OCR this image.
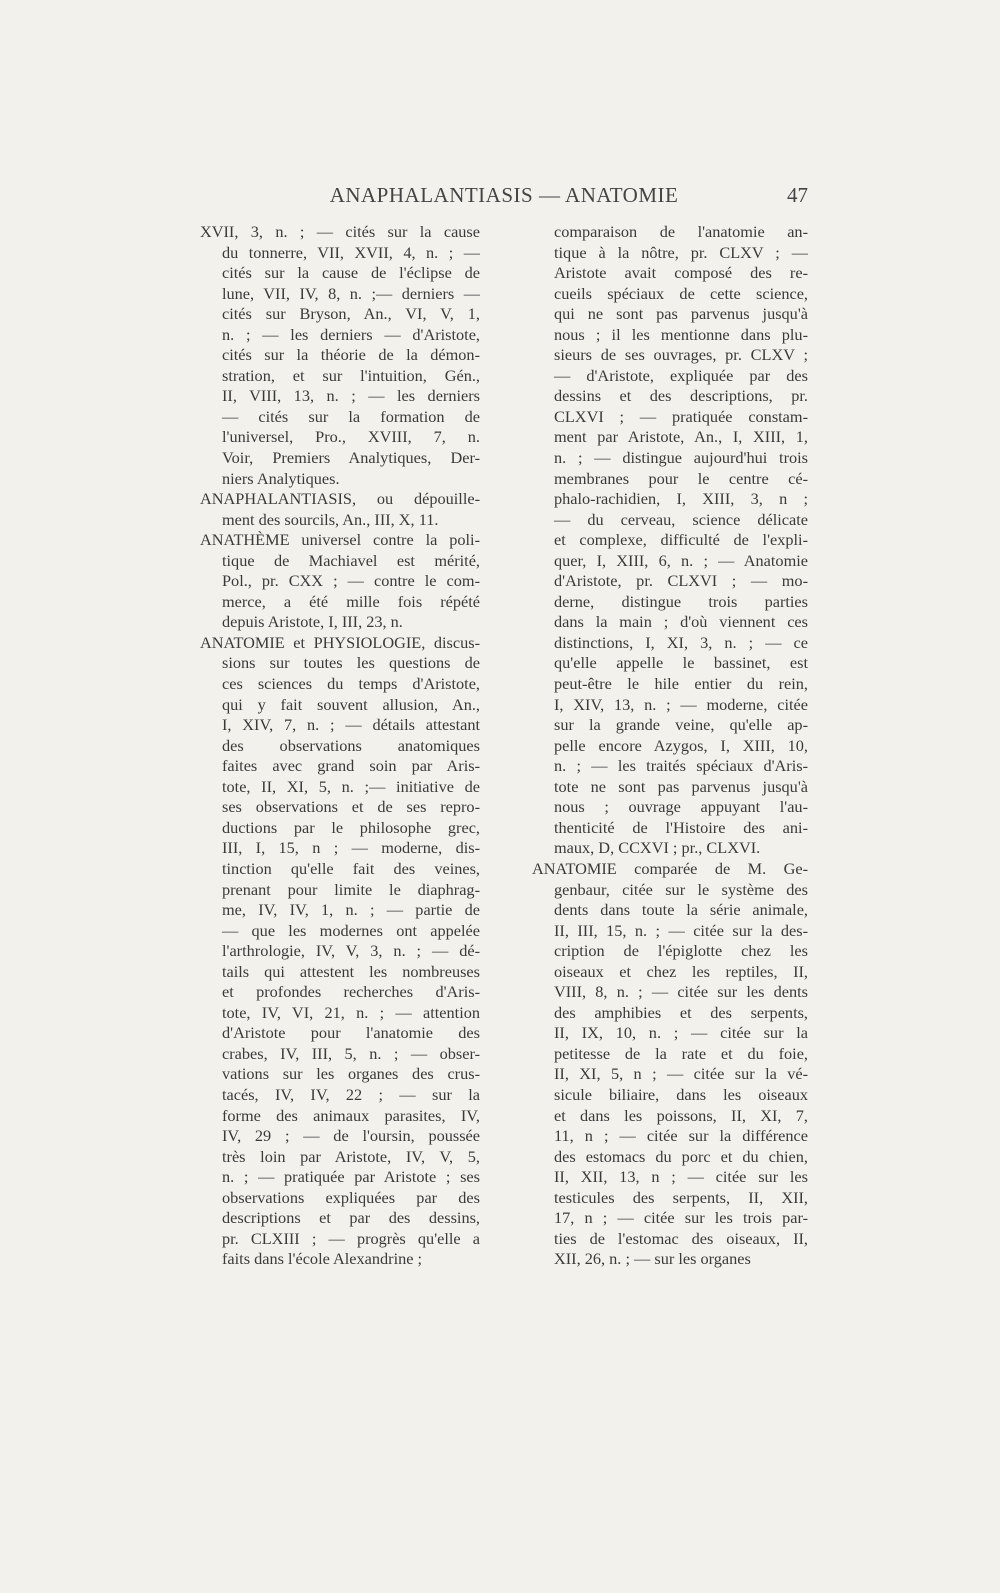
ANAPHALANTIASIS — ANATOMIE	47
XVII, 3, n. ; — cités sur la cause
du tonnerre, VII, XVII, 4, n. ; —
cités sur la cause de l'éclipse de
lune, VII, IV, 8, n. ;— derniers —
cités sur Bryson, An., VI, V, 1,
n. ; — les derniers — d'Aristote,
cités sur la théorie de la démon-
stration, et sur l'intuition, Gén.,
II, VIII, 13, n. ; — les derniers
— cités sur la formation de
l'universel, Pro., XVIII, 7, n.
Voir, Premiers Analytiques, Der-
niers Analytiques.
ANAPHALANTIASIS, ou dépouille-
ment des sourcils, An., III, X, 11.
ANATHÈME universel contre la poli-
tique de Machiavel est mérité,
Pol., pr. CXX ; — contre le com-
merce, a été mille fois répété
depuis Aristote, I, III, 23, n.
ANATOMIE et PHYSIOLOGIE, discus-
sions sur toutes les questions de
ces sciences du temps d'Aristote,
qui y fait souvent allusion, An.,
I, XIV, 7, n. ; — détails attestant
des observations anatomiques
faites avec grand soin par Aris-
tote, II, XI, 5, n. ;— initiative de
ses observations et de ses repro-
ductions par le philosophe grec,
III, I, 15, n ; — moderne, dis-
tinction qu'elle fait des veines,
prenant pour limite le diaphrag-
me, IV, IV, 1, n. ; — partie de
— que les modernes ont appelée
l'arthrologie, IV, V, 3, n. ; — dé-
tails qui attestent les nombreuses
et profondes recherches d'Aris-
tote, IV, VI, 21, n. ; — attention
d'Aristote pour l'anatomie des
crabes, IV, III, 5, n. ; — obser-
vations sur les organes des crus-
tacés, IV, IV, 22 ; — sur la
forme des animaux parasites, IV,
IV, 29 ; — de l'oursin, poussée
très loin par Aristote, IV, V, 5,
n. ; — pratiquée par Aristote ; ses
observations expliquées par des
descriptions et par des dessins,
pr. CLXIII ; — progrès qu'elle a
faits dans l'école Alexandrine ;
comparaison de l'anatomie an-
tique à la nôtre, pr. CLXV ; —
Aristote avait composé des re-
cueils spéciaux de cette science,
qui ne sont pas parvenus jusqu'à
nous ; il les mentionne dans plu-
sieurs de ses ouvrages, pr. CLXV ;
— d'Aristote, expliquée par des
dessins et des descriptions, pr.
CLXVI ; — pratiquée constam-
ment par Aristote, An., I, XIII, 1,
n. ; — distingue aujourd'hui trois
membranes pour le centre cé-
phalo-rachidien, I, XIII, 3, n ;
— du cerveau, science délicate
et complexe, difficulté de l'expli-
quer, I, XIII, 6, n. ; — Anatomie
d'Aristote, pr. CLXVI ; — mo-
derne, distingue trois parties
dans la main ; d'où viennent ces
distinctions, I, XI, 3, n. ; — ce
qu'elle appelle le bassinet, est
peut-être le hile entier du rein,
I, XIV, 13, n. ; — moderne, citée
sur la grande veine, qu'elle ap-
pelle encore Azygos, I, XIII, 10,
n. ; — les traités spéciaux d'Aris-
tote ne sont pas parvenus jusqu'à
nous ; ouvrage appuyant l'au-
thenticité de l'Histoire des ani-
maux, D, CCXVI ; pr., CLXVI.
ANATOMIE comparée de M. Ge-
genbaur, citée sur le système des
dents dans toute la série animale,
II, III, 15, n. ; — citée sur la des-
cription de l'épiglotte chez les
oiseaux et chez les reptiles, II,
VIII, 8, n. ; — citée sur les dents
des amphibies et des serpents,
II, IX, 10, n. ; — citée sur la
petitesse de la rate et du foie,
II, XI, 5, n ; — citée sur la vé-
sicule biliaire, dans les oiseaux
et dans les poissons, II, XI, 7,
11, n ; — citée sur la différence
des estomacs du porc et du chien,
II, XII, 13, n ; — citée sur les
testicules des serpents, II, XII,
17, n ; — citée sur les trois par-
ties de l'estomac des oiseaux, II,
XII, 26, n. ; — sur les organes
